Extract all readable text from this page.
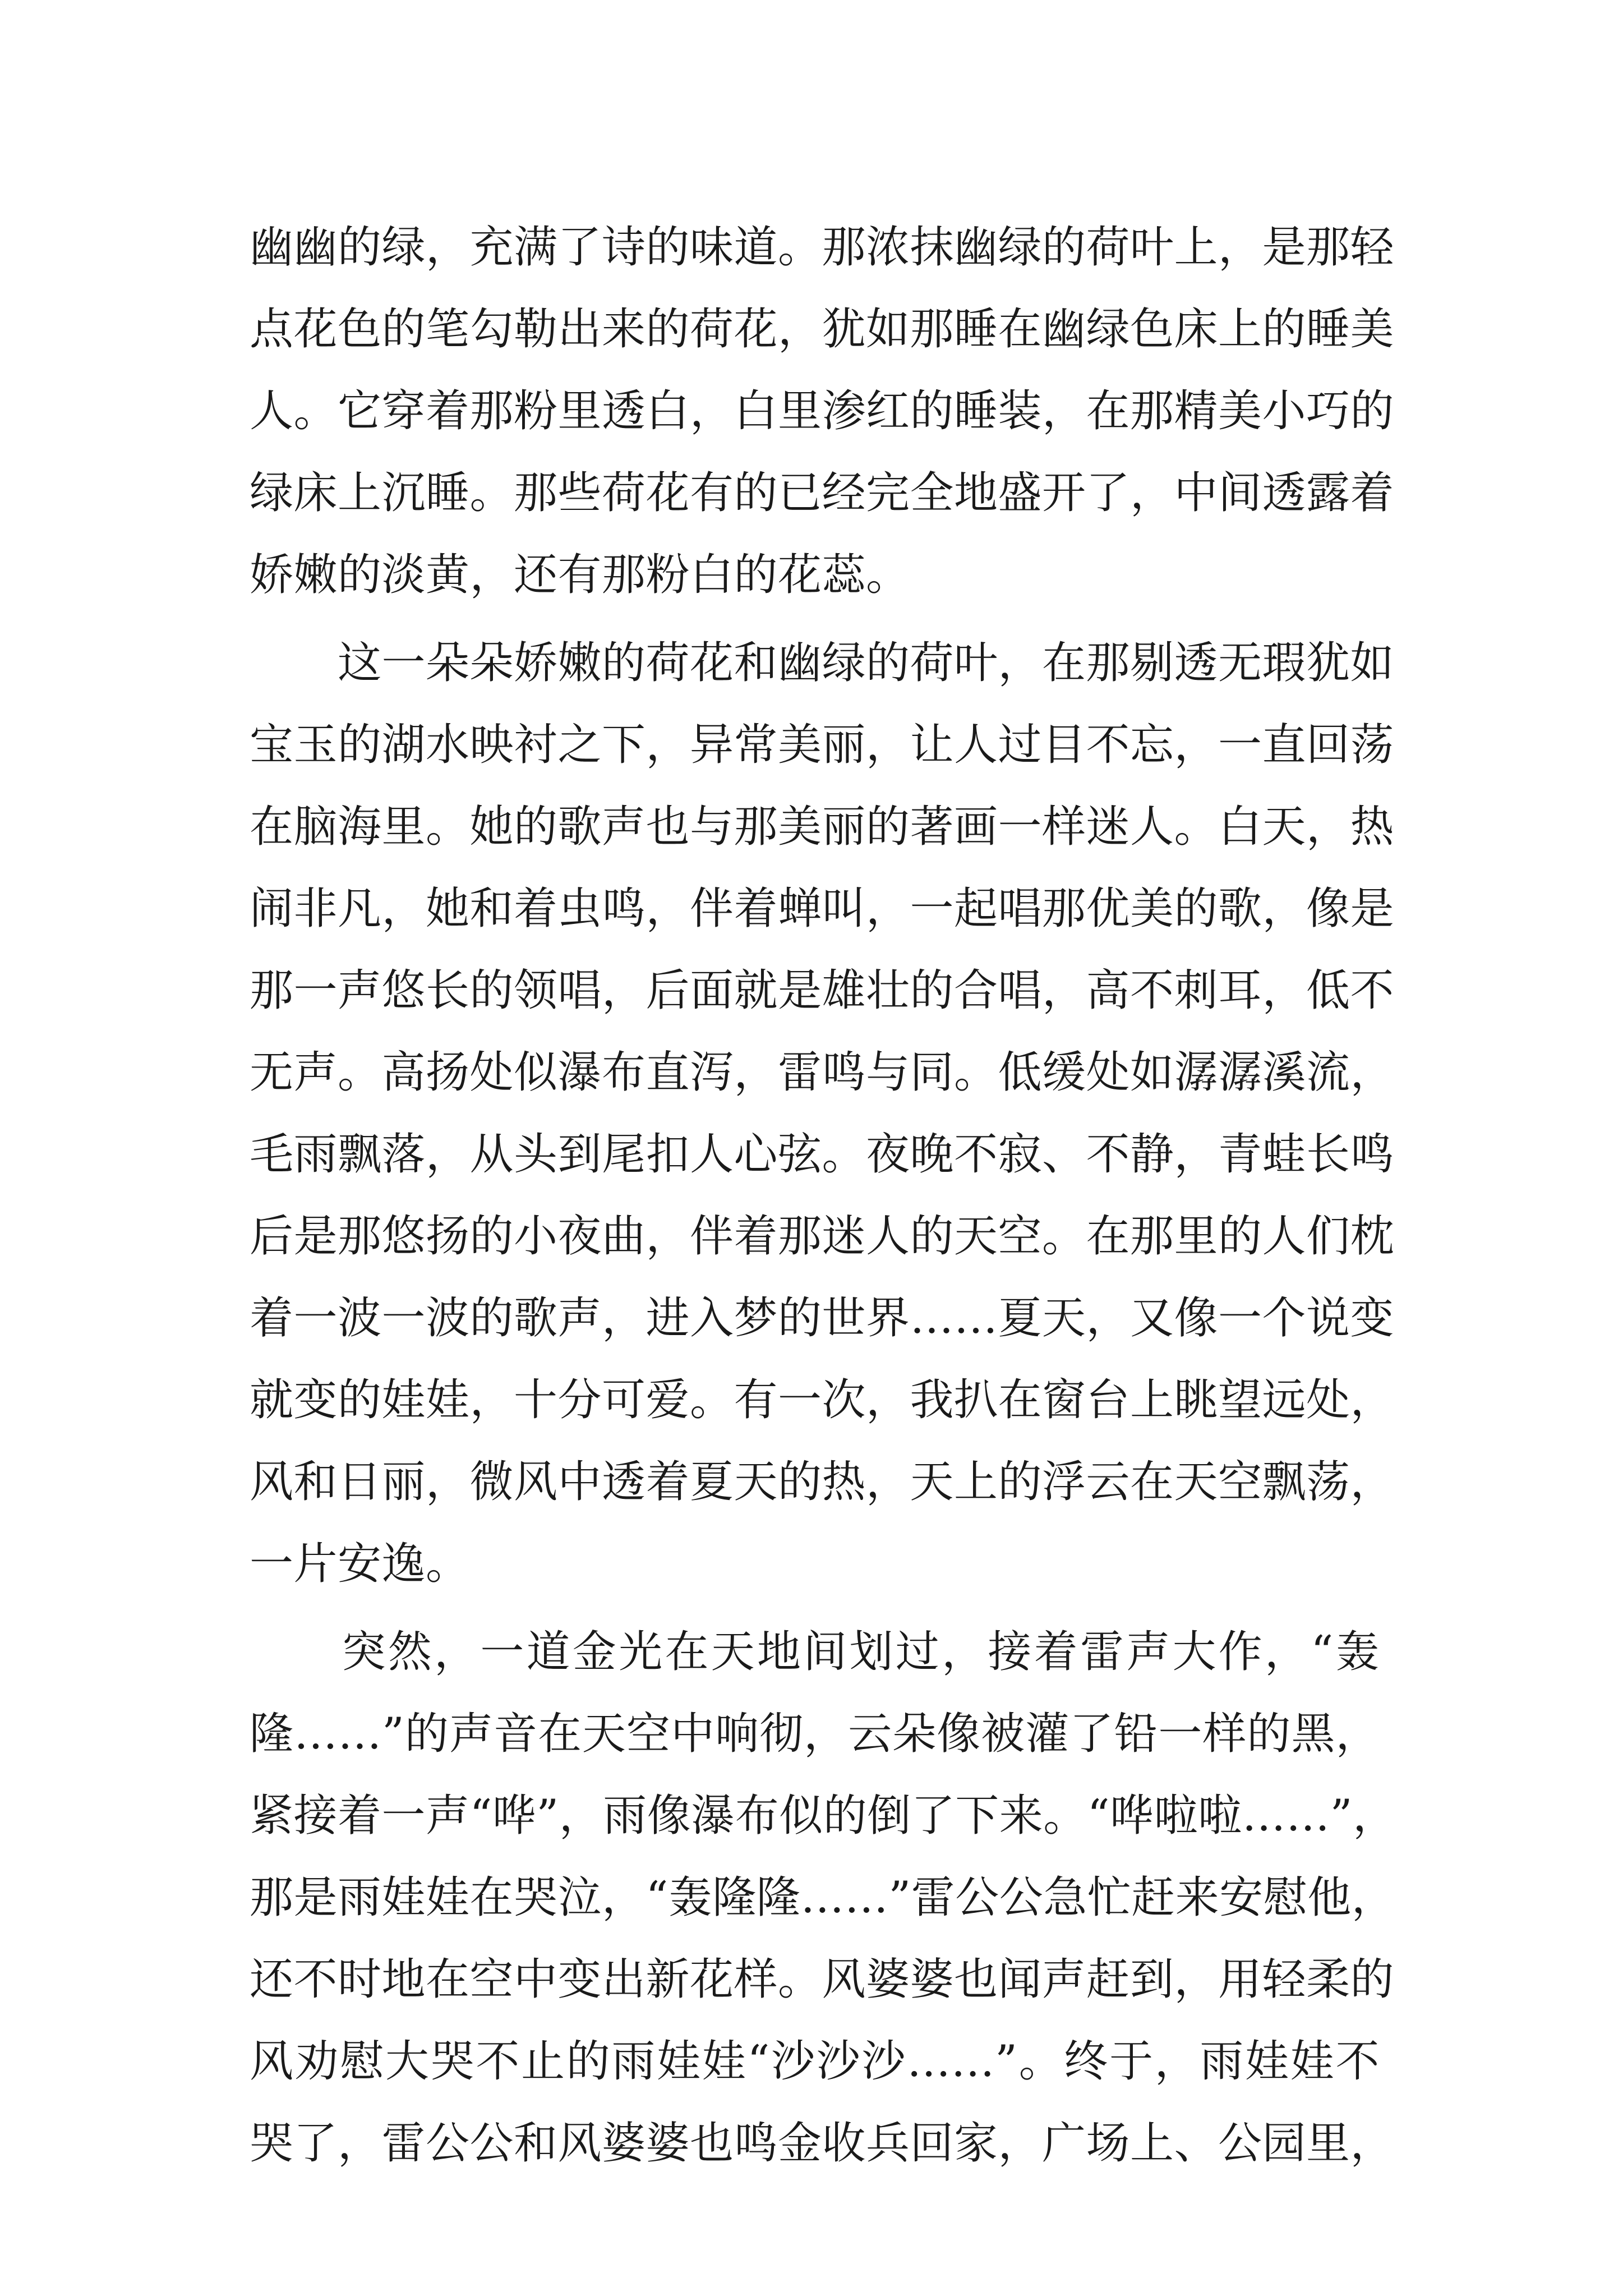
幽幽的绿，充满了诗的味道。那浓抹幽绿的荷叶上，是那轻
点花色的笔勾勒出来的荷花，犹如那睡在幽绿色床上的睡美
人。它穿着那粉里透白，白里渗红的睡装，在那精美小巧的
绿床上沉睡。那些荷花有的已经完全地盛开了，中间透露着
娇嫩的淡黄，还有那粉白的花蕊。
　　这一朵朵娇嫩的荷花和幽绿的荷叶，在那剔透无瑕犹如
宝玉的湖水映衬之下，异常美丽，让人过目不忘，一直回荡
在脑海里。她的歌声也与那美丽的著画一样迷人。白天，热
闹非凡，她和着虫鸣，伴着蝉叫，一起唱那优美的歌，像是
那一声悠长的领唱，后面就是雄壮的合唱，高不刺耳，低不
无声。高扬处似瀑布直泻，雷鸣与同。低缓处如潺潺溪流，
毛雨飘落，从头到尾扣人心弦。夜晚不寂、不静，青蛙长鸣
后是那悠扬的小夜曲，伴着那迷人的天空。在那里的人们枕
着一波一波的歌声，进入梦的世界……夏天，又像一个说变
就变的娃娃，十分可爱。有一次，我扒在窗台上眺望远处，
风和日丽，微风中透着夏天的热，天上的浮云在天空飘荡，
一片安逸。
　　突然，一道金光在天地间划过，接着雷声大作，“轰
隆……”的声音在天空中响彻，云朵像被灌了铅一样的黑，
紧接着一声“哗”，雨像瀑布似的倒了下来。“哗啦啦……”，
那是雨娃娃在哭泣，“轰隆隆……”雷公公急忙赶来安慰他，
还不时地在空中变出新花样。风婆婆也闻声赶到，用轻柔的
风劝慰大哭不止的雨娃娃“沙沙沙……”。终于，雨娃娃不
哭了，雷公公和风婆婆也鸣金收兵回家，广场上、公园里，
